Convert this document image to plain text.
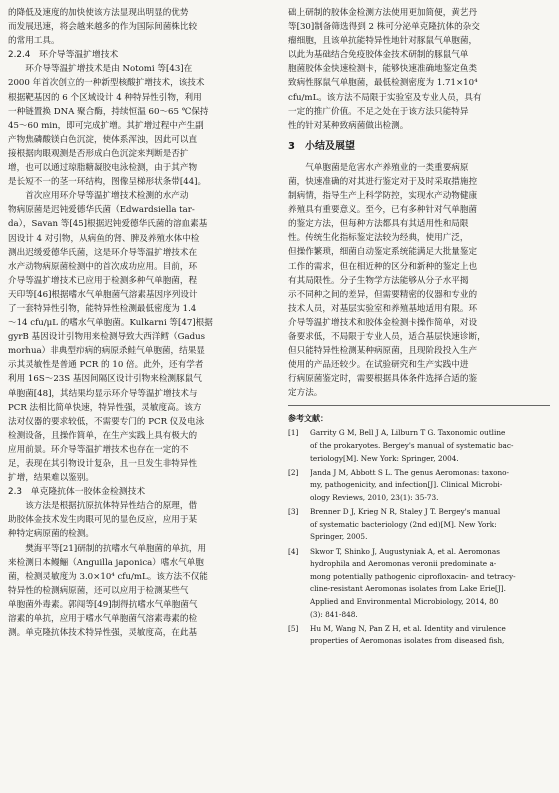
的降低及速度的加快使该方法显现出明显的优势
而发展迅速，将会越来越多的作为国际间菌株比较
的常用工具。
2.2.4　环介导等温扩增技术
　　环介导等温扩增技术是由 Notomi 等[43]在
2000 年首次创立的一种新型核酸扩增技术，该技术
根据靶基因的 6 个区域设计 4 种特异性引物，利用
一种链置换 DNA 聚合酶，持续恒温 60～65 ℃保持
45～60 min，即可完成扩增。其扩增过程中产生副
产物焦磷酸镁白色沉淀，使体系浑浊，因此可以直
接根据肉眼观测是否形成白色沉淀来判断是否扩
增，也可以通过琼脂糖凝胶电泳检测，由于其产物
是长短不一的茎一环结构，图像呈梯形状条带[44]。
　　首次应用环介导等温扩增技术检测的水产动
物病原菌是迟钝爱德华氏菌（Edwardsiella tar-
da），Savan 等[45]根据迟钝爱德华氏菌的溶血素基
因设计 4 对引物，从病鱼的肾、脾及养殖水体中检
测出迟缓爱德华氏菌，这是环介导等温扩增技术在
水产动物病原菌检测中的首次成功应用。目前，环
介导等温扩增技术已应用于检测多种气单胞菌，程
天印等[46]根据嗜水气单胞菌气溶素基因序列设计
了一套特异性引物，能特异性检测最低密度为 1.4
～14 cfu/μL 的嗜水气单胞菌。Kulkarni 等[47]根据
gyrB 基因设计引物用来检测导致大西洋鳕（Gadus
morhua）非典型疖病的病原杀鲑气单胞菌，结果显
示其灵敏性是普通 PCR 的 10 倍。此外，还有学者
利用 16S～23S 基因间隔区设计引物来检测豚鼠气
单胞菌[48]，其结果均显示环介导等温扩增技术与
PCR 法相比简单快速，特异性强，灵敏度高。该方
法对仪器的要求较低，不需要专门的 PCR 仪及电泳
检测设备，且操作简单，在生产实践上具有极大的
应用前景。环介导等温扩增技术也存在一定的不
足，表现在其引物设计复杂，且一旦发生非特异性
扩增，结果难以鉴别。
2.3　单克隆抗体一胶体金检测技术
　　该方法是根据抗原抗体特异性结合的原理，借
助胶体金技术发生肉眼可见的显色反应，应用于某
种特定病原菌的检测。
　　樊海平等[21]研制的抗嗜水气单胞菌的单抗，用
来检测日本鳗鲡（Anguilla japonica）嗜水气单胞
菌，检测灵敏度为 3.0×10⁴ cfu/mL。该方法不仅能
特异性的检测病原菌，还可以应用于检测某些气
单胞菌外毒素。郭闯等[49]制得抗嗜水气单胞菌气
溶素的单抗，应用于嗜水气单胞菌气溶素毒素的检
测。单克隆抗体技术特异性强，灵敏度高，在此基
础上研制的胶体金检测方法使用更加简便，黄艺丹
等[30]制备筛选得到 2 株可分泌单克隆抗体的杂交
瘤细胞，且该单抗能特异性地针对豚鼠气单胞菌，
以此为基础结合免疫胶体金技术研制的豚鼠气单
胞菌胶体金快速检测卡，能够快速准确地鉴定鱼类
致病性豚鼠气单胞菌，最低检测密度为 1.71×10⁴
cfu/mL。该方法不局限于实验室及专业人员，具有
一定的推广价值。不足之处在于该方法只能特异
性的针对某种致病菌做出检测。
3　小结及展望
　　气单胞菌是危害水产养殖业的一类重要病原
菌，快速准确的对其进行鉴定对于及时采取措施控
制病情，指导生产上科学防控，实现水产动物健康
养殖具有重要意义。至今，已有多种针对气单胞菌
的鉴定方法，但每种方法都具有其适用性和局限
性。传统生化指标鉴定法较为经典，使用广泛，
但操作繁琐，细菌自动鉴定系统能满足大批量鉴定
工作的需求，但在相近种的区分和新种的鉴定上也
有其局限性。分子生物学方法能够从分子水平揭
示不同种之间的差异，但需要精密的仪器和专业的
技术人员，对基层实验室和养殖基地适用有限。环
介导等温扩增技术和胶体金检测卡操作简单，对设
备要求低，不局限于专业人员，适合基层快速诊断，
但只能特异性检测某种病原菌，且现阶段投入生产
使用的产品还较少。在试验研究和生产实践中进
行病原菌鉴定时，需要根据具体条件选择合适的鉴
定方法。
参考文献：
[1]	Garrity G M, Bell J A, Lilburn T G. Taxonomic outline
of the prokaryotes. Bergey's manual of systematic bac-
teriology[M]. New York: Springer, 2004.
[2]	Janda J M, Abbott S L. The genus Aeromonas: taxono-
my, pathogenicity, and infection[J]. Clinical Microbi-
ology Reviews, 2010, 23(1): 35-73.
[3]	Brenner D J, Krieg N R, Staley J T. Bergey's manual
of systematic bacteriology (2nd ed)[M]. New York:
Springer, 2005.
[4]	Skwor T, Shinko J, Augustyniak A, et al. Aeromonas
hydrophila and Aeromonas veronii predominate a-
mong potentially pathogenic ciprofloxacin- and tetracy-
cline-resistant Aeromonas isolates from Lake Erie[J].
Applied and Environmental Microbiology, 2014, 80
(3): 841-848.
[5]	Hu M, Wang N, Pan Z H, et al. Identity and virulence
properties of Aeromonas isolates from diseased fish,
